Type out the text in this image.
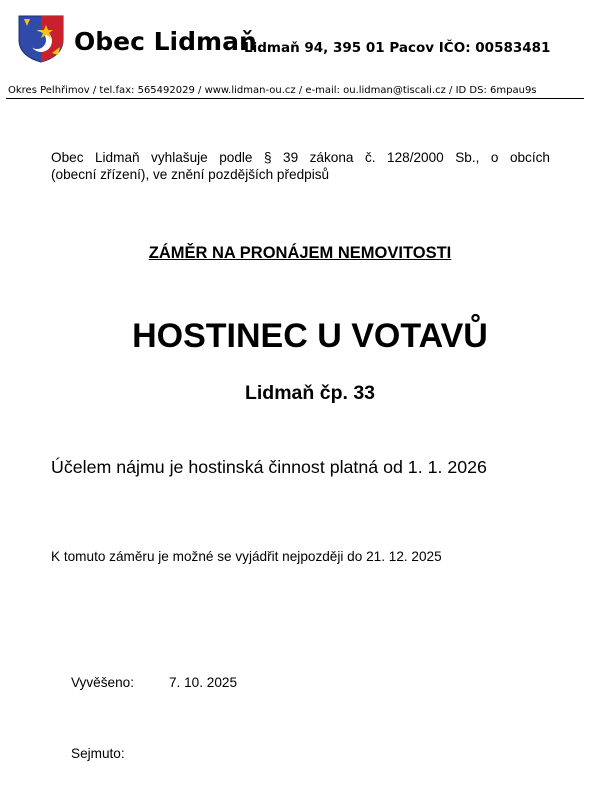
Obec Lidmaň
Lidmaň 94, 395 01 Pacov IČO: 00583481
Okres Pelhřimov / tel.fax: 565492029 / www.lidman-ou.cz / e-mail: ou.lidman@tiscali.cz / ID DS: 6mpau9s
Obec Lidmaň vyhlašuje podle § 39 zákona č. 128/2000 Sb., o obcích
(obecní zřízení), ve znění pozdějších předpisů
ZÁMĚR NA PRONÁJEM NEMOVITOSTI
HOSTINEC U VOTAVŮ
Lidmaň čp. 33
Účelem nájmu je hostinská činnost platná od 1. 1. 2026
K tomuto záměru je možné se vyjádřit nejpozději do 21. 12. 2025
Vyvěšeno:	7. 10. 2025
Sejmuto:
